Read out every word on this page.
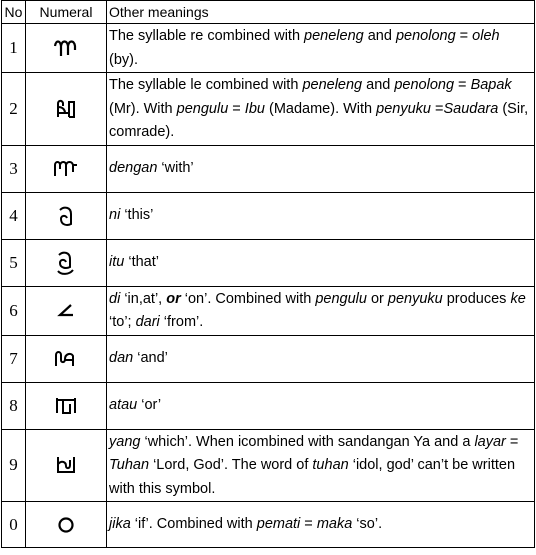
No	Numeral	Other meanings
1		The syllable re combined with peneleng and penolong = oleh (by).
2		The syllable le combined with peneleng and penolong = Bapak (Mr). With pengulu = Ibu (Madame). With penyuku =Saudara (Sir, comrade).
3		dengan ‘with’
4		ni ‘this’
5		itu ‘that’
6		di ‘in,at’, or ‘on’. Combined with pengulu or penyuku produces ke ‘to’; dari ‘from’.
7		dan ‘and’
8		atau ‘or’
9		yang ‘which’. When icombined with sandangan Ya and a layar = Tuhan ‘Lord, God’. The word of tuhan ‘idol, god’ can’t be written with this symbol.
0		jika ‘if’. Combined with pemati = maka ‘so’.
